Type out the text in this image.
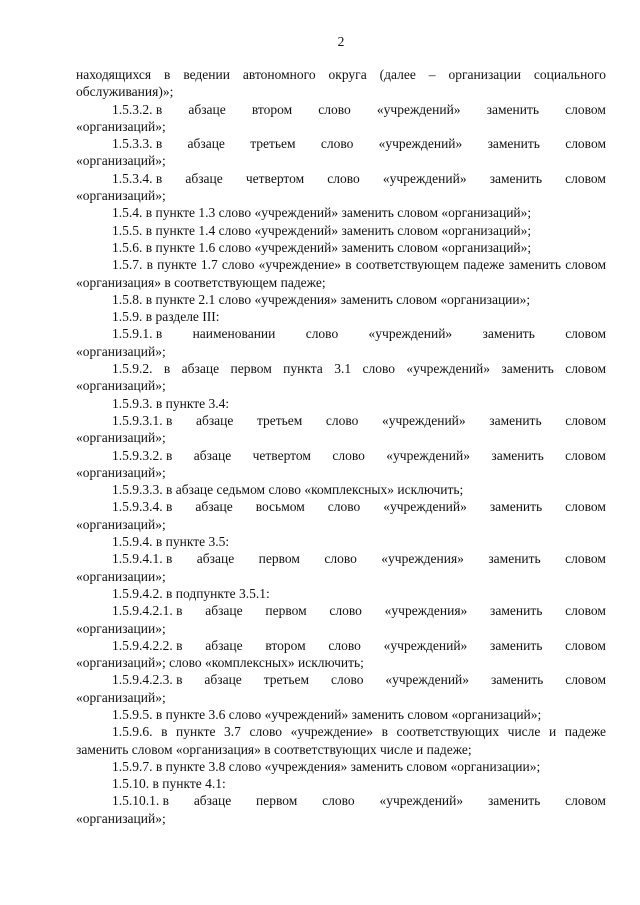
2

находящихся в ведении автономного округа (далее – организации социального обслуживания)»;

1.5.3.2. в абзаце втором слово «учреждений» заменить словом
«организаций»;
1.5.3.3. в абзаце третьем слово «учреждений» заменить словом
«организаций»;
1.5.3.4. в абзаце четвертом слово «учреждений» заменить словом
«организаций»;

1.5.4. в пункте 1.3 слово «учреждений» заменить словом «организаций»;

1.5.5. в пункте 1.4 слово «учреждений» заменить словом «организаций»;

1.5.6. в пункте 1.6 слово «учреждений» заменить словом «организаций»;

1.5.7. в пункте 1.7 слово «учреждение» в соответствующем падеже заменить словом «организация» в соответствующем падеже;

1.5.8. в пункте 2.1 слово «учреждения» заменить словом «организации»;

1.5.9. в разделе III:

1.5.9.1. в наименовании слово «учреждений» заменить словом
«организаций»;

1.5.9.2. в абзаце первом пункта 3.1 слово «учреждений» заменить словом «организаций»;

1.5.9.3. в пункте 3.4:

1.5.9.3.1. в абзаце третьем слово «учреждений» заменить словом
«организаций»;
1.5.9.3.2. в абзаце четвертом слово «учреждений» заменить словом
«организаций»;

1.5.9.3.3. в абзаце седьмом слово «комплексных» исключить;

1.5.9.3.4. в абзаце восьмом слово «учреждений» заменить словом
«организаций»;

1.5.9.4. в пункте 3.5:

1.5.9.4.1. в абзаце первом слово «учреждения» заменить словом
«организации»;

1.5.9.4.2. в подпункте 3.5.1:

1.5.9.4.2.1. в абзаце первом слово «учреждения» заменить словом
«организации»;
1.5.9.4.2.2. в абзаце втором слово «учреждений» заменить словом
«организаций»; слово «комплексных» исключить;
1.5.9.4.2.3. в абзаце третьем слово «учреждений» заменить словом
«организаций»;

1.5.9.5. в пункте 3.6 слово «учреждений» заменить словом «организаций»;

1.5.9.6. в пункте 3.7 слово «учреждение» в соответствующих числе и падеже заменить словом «организация» в соответствующих числе и падеже;

1.5.9.7. в пункте 3.8 слово «учреждения» заменить словом «организации»;

1.5.10. в пункте 4.1:

1.5.10.1. в абзаце первом слово «учреждений» заменить словом
«организаций»;
